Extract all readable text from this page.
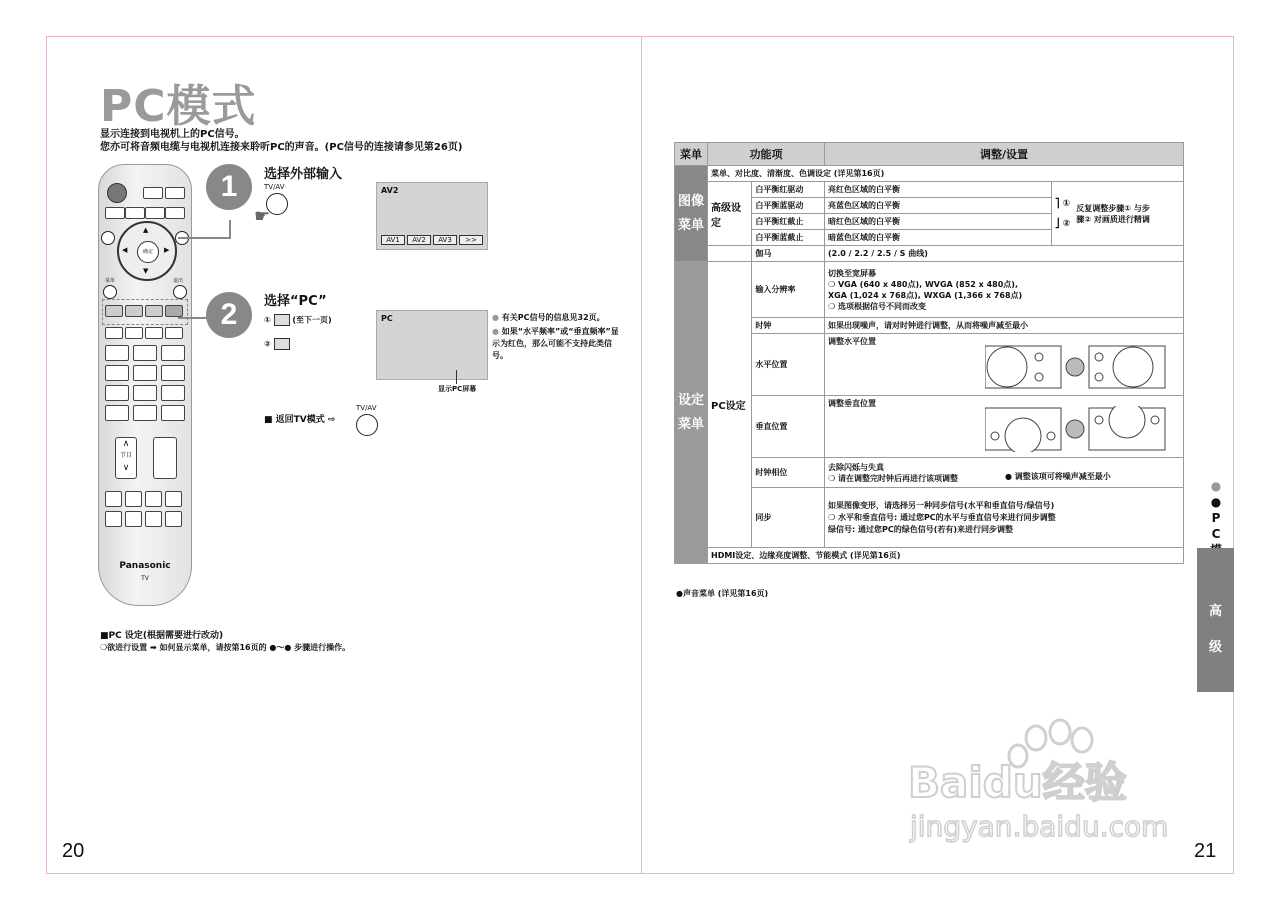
PC模式
显示连接到电视机上的PC信号。
您亦可将音频电缆与电视机连接来聆听PC的声音。(PC信号的连接请参见第26页)
▲
▼
◀	▶
确定
菜单	退出
∧
节目
∨
Panasonic
TV
1	选择外部输入
TV/AV
☛
AV2
AV1	AV2	AV3	>>
2	选择“PC”
①	(至下一页)
②
PC
显示PC屏幕
● 有关PC信号的信息见32页。
● 如果“水平频率”或“垂直频率”显示为红色，那么可能不支持此类信号。
■ 返回TV模式 ⇨
TV/AV
■PC 设定(根据需要进行改动)
❍欲进行设置 ➡ 如何显示菜单，请按第16页的 ●～● 步骤进行操作。
20
菜单	功能项		调整/设置	
图像菜单	菜单、对比度、清渐度、色调设定 (详见第16页)			
	高级设定	白平衡红驱动	亮红色区域的白平衡	⎤ ①
⎦ ②
反复调整步骤① 与步骤② 对画质进行精调

		白平衡蓝驱动	亮蓝色区域的白平衡	
		白平衡红截止	暗红色区域的白平衡	
		白平衡蓝截止	暗蓝色区域的白平衡	
		伽马	(2.0 / 2.2 / 2.5 / S 曲线)	
设定菜单	PC设定	输入分辨率	切换至宽屏幕
❍ VGA (640 x 480点), WVGA (852 x 480点),
XGA (1,024 x 768点), WXGA (1,366 x 768点)
❍ 选项根据信号不同而改变	
		时钟	如果出现噪声，请对时钟进行调整，从而将噪声减至最小	
		水平位置	调整水平位置	

		垂直位置	调整垂直位置	

		时钟相位	去除闪烁与失真
❍ 请在调整完时钟后再进行该项调整 ● 调整该项可将噪声减至最小	

		同步	如果图像变形，请选择另一种同步信号(水平和垂直信号/绿信号)
❍ 水平和垂直信号: 通过您PC的水平与垂直信号来进行同步调整
绿信号: 通过您PC的绿色信号(若有)来进行同步调整	
	HDMI设定、边缘亮度调整、节能模式 (详见第16页)			
●声音菜单 (详见第16页)
●
● PC
高级
Baidu经验
jingyan.baidu.com
21
